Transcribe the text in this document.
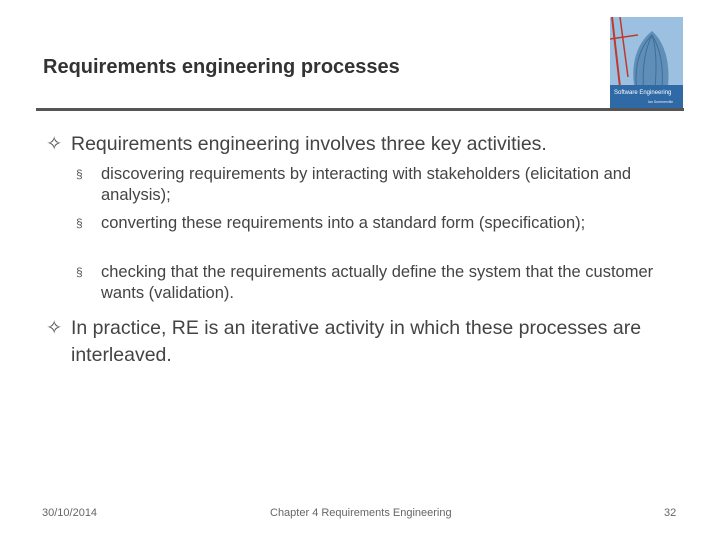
Requirements engineering processes
Software Engineering
Ian Sommerville
✧ Requirements engineering involves three key activities.
§	discovering requirements by interacting with stakeholders (elicitation and analysis);
§	converting these requirements into a standard form (specification);
§	checking that the requirements actually define the system that the customer wants (validation).
✧ In practice, RE is an iterative activity in which these processes are interleaved.
30/10/2014	Chapter 4 Requirements Engineering	32
